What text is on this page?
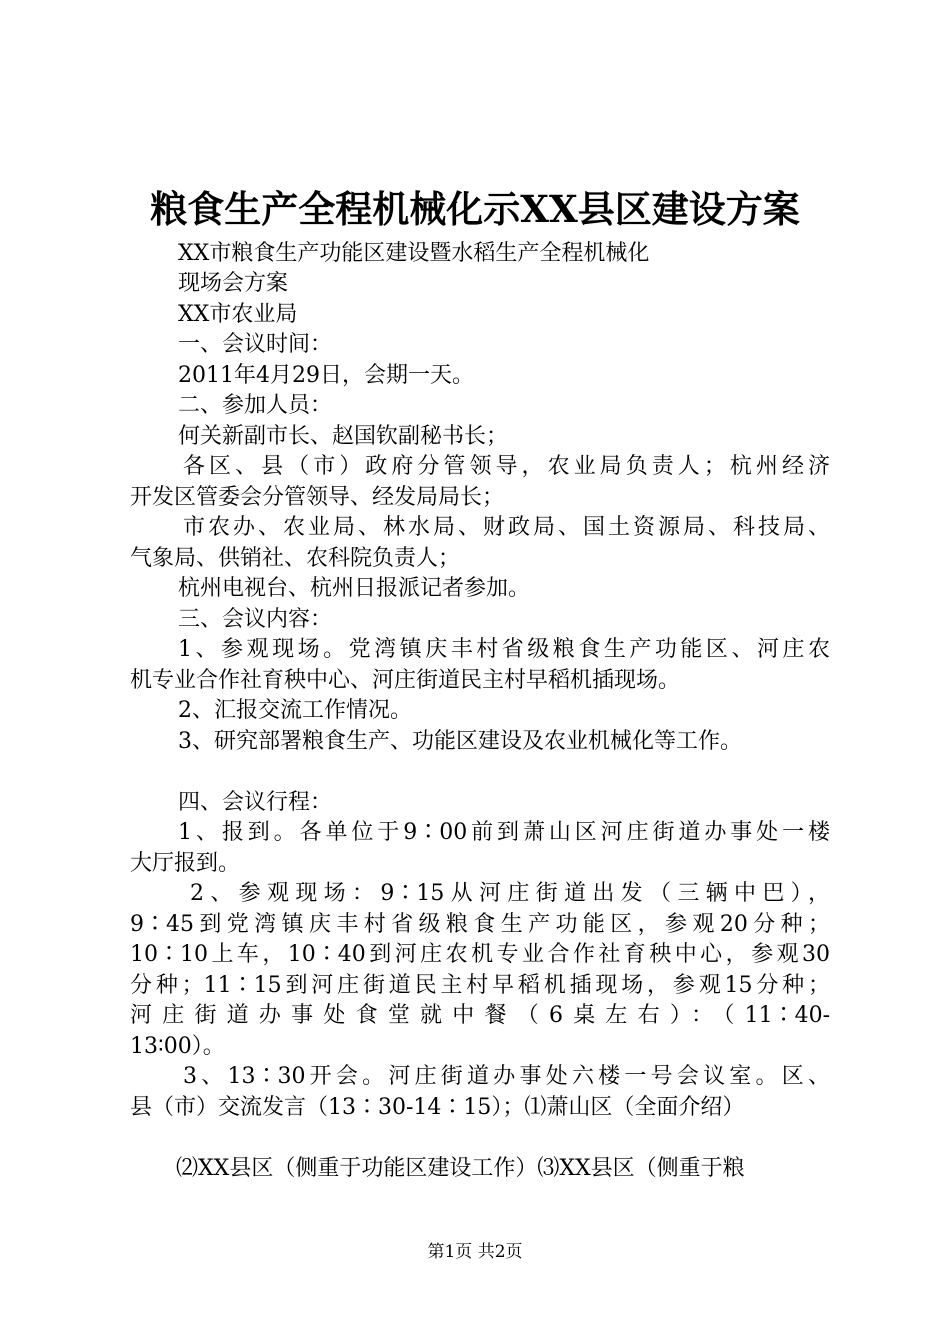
粮食生产全程机械化示XX县区建设方案
XX市粮食生产功能区建设暨水稻生产全程机械化
现场会方案
XX市农业局
一、会议时间：
2011年4月29日，会期一天。
二、参加人员：
何关新副市长、赵国钦副秘书长；
各区、县（市）政府分管领导，农业局负责人；杭州经济
开发区管委会分管领导、经发局局长；
市农办、农业局、林水局、财政局、国土资源局、科技局、
气象局、供销社、农科院负责人；
杭州电视台、杭州日报派记者参加。
三、会议内容：
1、参观现场。党湾镇庆丰村省级粮食生产功能区、河庄农
机专业合作社育秧中心、河庄街道民主村早稻机插现场。
2、汇报交流工作情况。
3、研究部署粮食生产、功能区建设及农业机械化等工作。
四、会议行程：
1、报到。各单位于9∶00前到萧山区河庄街道办事处一楼
大厅报到。
2、参观现场：9∶15从河庄街道出发（三辆中巴），
9∶45到党湾镇庆丰村省级粮食生产功能区，参观20分种；
10∶10上车，10∶40到河庄农机专业合作社育秧中心，参观30
分种；11∶15到河庄街道民主村早稻机插现场，参观15分种；
河庄街道办事处食堂就中餐（6桌左右）：（11∶40-
13∶00）。
3、13∶30开会。河庄街道办事处六楼一号会议室。区、
县（市）交流发言（13∶30-14∶15）；⑴萧山区（全面介绍）
⑵XX县区（侧重于功能区建设工作）⑶XX县区（侧重于粮
第1页 共2页
